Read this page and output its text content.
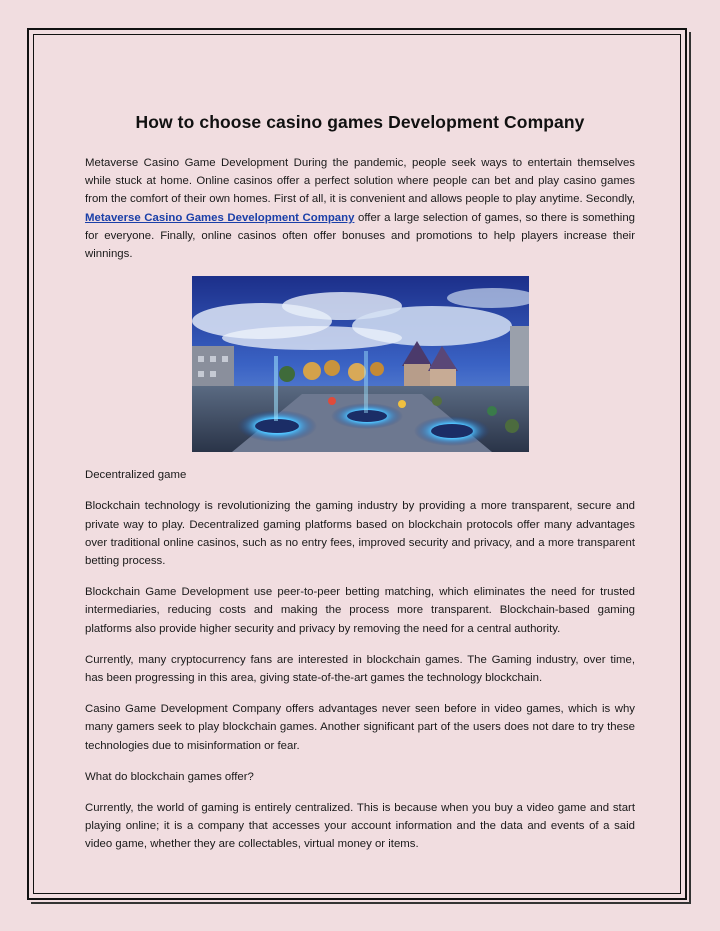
How to choose casino games Development Company

Metaverse Casino Game Development During the pandemic, people seek ways to entertain themselves while stuck at home. Online casinos offer a perfect solution where people can bet and play casino games from the comfort of their own homes. First of all, it is convenient and allows people to play anytime. Secondly, Metaverse Casino Games Development Company offer a large selection of games, so there is something for everyone. Finally, online casinos often offer bonuses and promotions to help players increase their winnings.

Decentralized game

Blockchain technology is revolutionizing the gaming industry by providing a more transparent, secure and private way to play. Decentralized gaming platforms based on blockchain protocols offer many advantages over traditional online casinos, such as no entry fees, improved security and privacy, and a more transparent betting process.

Blockchain Game Development use peer-to-peer betting matching, which eliminates the need for trusted intermediaries, reducing costs and making the process more transparent. Blockchain-based gaming platforms also provide higher security and privacy by removing the need for a central authority.

Currently, many cryptocurrency fans are interested in blockchain games. The Gaming industry, over time, has been progressing in this area, giving state-of-the-art games the technology blockchain.

Casino Game Development Company offers advantages never seen before in video games, which is why many gamers seek to play blockchain games. Another significant part of the users does not dare to try these technologies due to misinformation or fear.

What do blockchain games offer?

Currently, the world of gaming is entirely centralized. This is because when you buy a video game and start playing online; it is a company that accesses your account information and the data and events of a said video game, whether they are collectables, virtual money or items.
